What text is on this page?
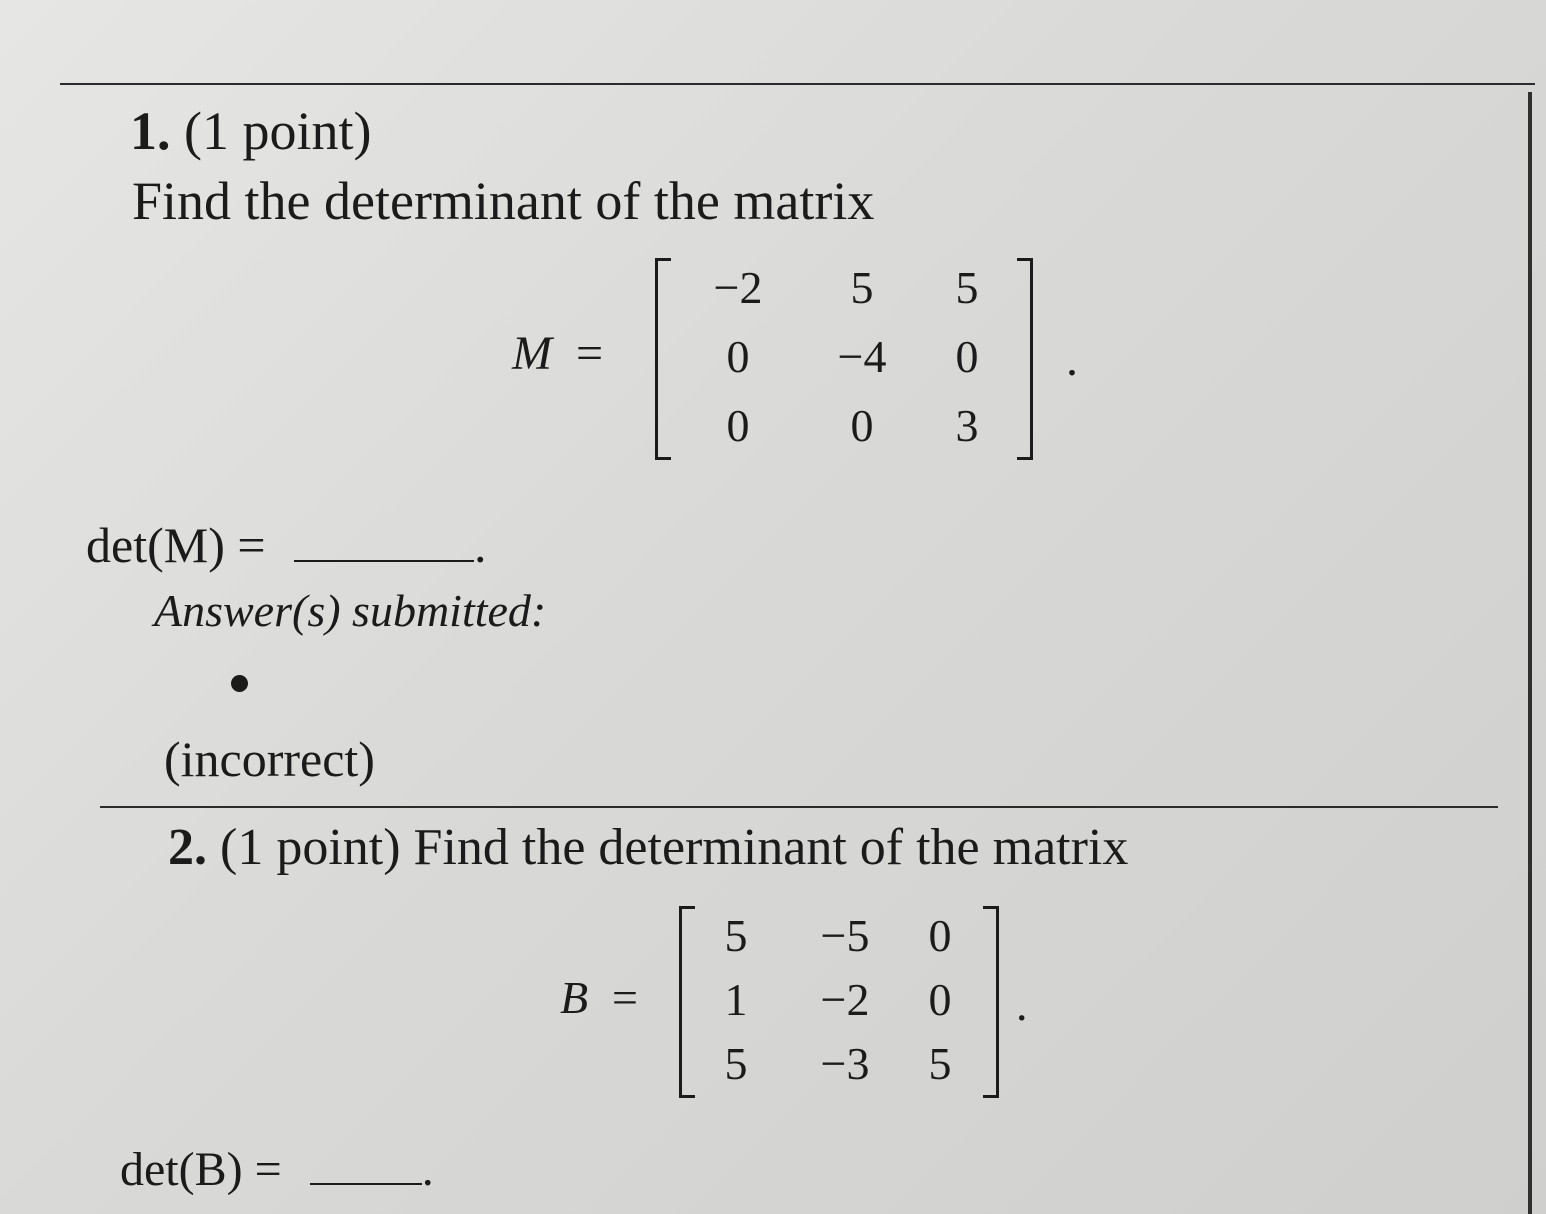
1. (1 point)
Find the determinant of the matrix
M =
−2	5	5
0	−4	0
0	0	3
.
det(M) =	.
Answer(s) submitted:
(incorrect)
2. (1 point) Find the determinant of the matrix
B =
5	−5	0
1	−2	0
5	−3	5
.
det(B) =	.
